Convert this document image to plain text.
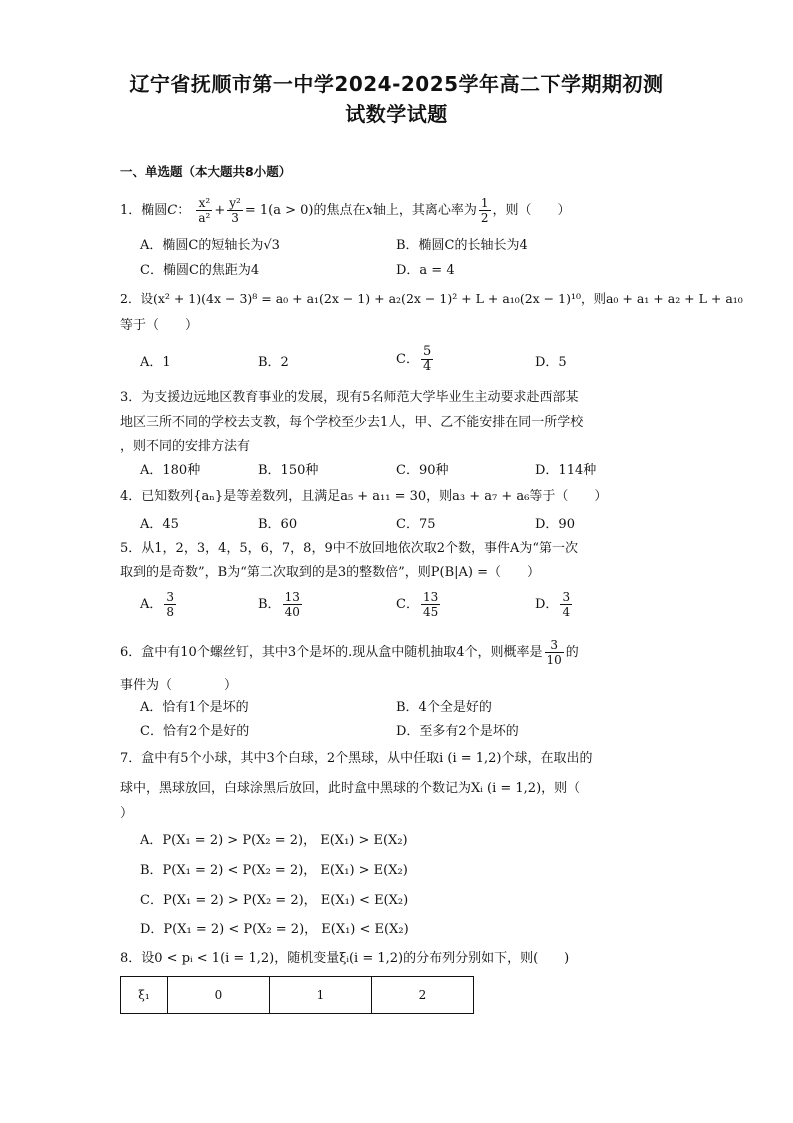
辽宁省抚顺市第一中学2024-2025学年高二下学期期初测
试数学试题
一、单选题（本大题共8小题）
1．椭圆C： $\frac{\text{x²}}{\text{a²}} + \frac{\text{y²}}{3} = 1(a > 0)$的焦点在x轴上，其离心率为 $\frac{1}{2}$ ，则（　　）
A．椭圆C的短轴长为√3	B．椭圆C的长轴长为4
C．椭圆C的焦距为4	D．a = 4
2．设(x² + 1)(4x − 3)⁸ = a₀ + a₁(2x − 1) + a₂(2x − 1)² + L + a₁₀(2x − 1)¹⁰，则a₀ + a₁ + a₂ + L + a₁₀
等于（　　）
A．1	B．2	C． $\frac{5}{4}$	D．5
3．为支援边远地区教育事业的发展，现有5名师范大学毕业生主动要求赴西部某
地区三所不同的学校去支教，每个学校至少去1人，甲、乙不能安排在同一所学校
，则不同的安排方法有
A．180种	B．150种	C．90种	D．114种
4．已知数列{aₙ}是等差数列，且满足a₅ + a₁₁ = 30，则a₃ + a₇ + a₆等于（　　）
A．45	B．60	C．75	D．90
5．从1，2，3，4，5，6，7，8，9中不放回地依次取2个数，事件A为“第一次
取到的是奇数”，B为“第二次取到的是3的整数倍”，则P(B|A) =（　　）
A． $\frac{3}{8}$	B． $\frac{13}{40}$	C． $\frac{13}{45}$	D． $\frac{3}{4}$
6．盒中有10个螺丝钉，其中3个是坏的.现从盒中随机抽取4个，则概率是 $\frac{3}{10}$ 的
事件为（　　　　）
A．恰有1个是坏的	B．4个全是好的
C．恰有2个是好的	D．至多有2个是坏的
7．盒中有5个小球，其中3个白球，2个黑球，从中任取i (i = 1,2)个球，在取出的
球中，黑球放回，白球涂黑后放回，此时盒中黑球的个数记为Xᵢ (i = 1,2)，则（
）
A．P(X₁ = 2) > P(X₂ = 2)， E(X₁) > E(X₂)
B．P(X₁ = 2) < P(X₂ = 2)， E(X₁) > E(X₂)
C．P(X₁ = 2) > P(X₂ = 2)， E(X₁) < E(X₂)
D．P(X₁ = 2) < P(X₂ = 2)， E(X₁) < E(X₂)
8．设0 < pᵢ < 1(i = 1,2)，随机变量ξᵢ(i = 1,2)的分布列分别如下，则(　　)
ξ₁	0	1	2
